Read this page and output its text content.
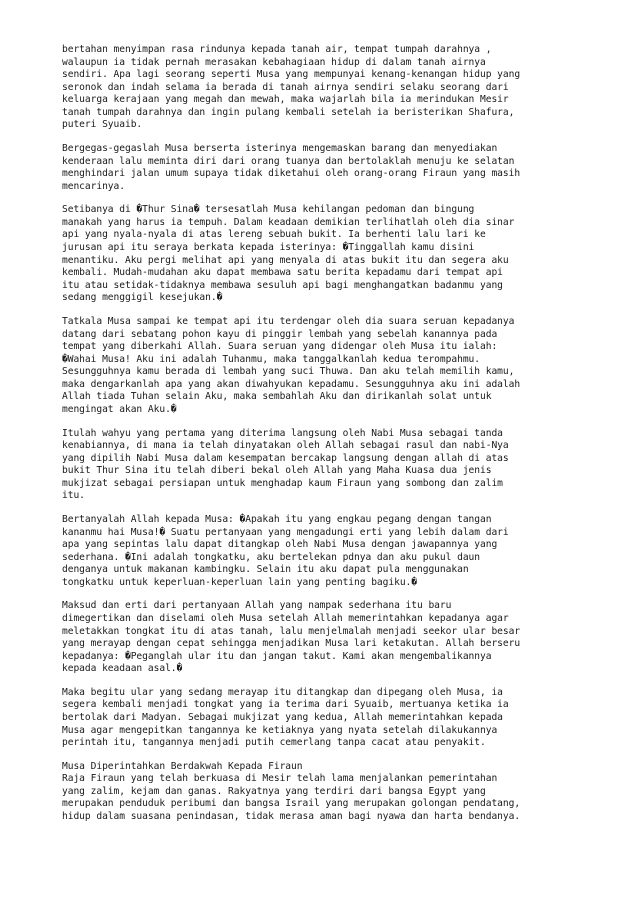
bertahan menyimpan rasa rindunya kepada tanah air, tempat tumpah darahnya ,
walaupun ia tidak pernah merasakan kebahagiaan hidup di dalam tanah airnya
sendiri. Apa lagi seorang seperti Musa yang mempunyai kenang-kenangan hidup yang
seronok dan indah selama ia berada di tanah airnya sendiri selaku seorang dari
keluarga kerajaan yang megah dan mewah, maka wajarlah bila ia merindukan Mesir
tanah tumpah darahnya dan ingin pulang kembali setelah ia beristerikan Shafura,
puteri Syuaib.
Bergegas-gegaslah Musa berserta isterinya mengemaskan barang dan menyediakan
kenderaan lalu meminta diri dari orang tuanya dan bertolaklah menuju ke selatan
menghindari jalan umum supaya tidak diketahui oleh orang-orang Firaun yang masih
mencarinya.
Setibanya di �Thur Sina� tersesatlah Musa kehilangan pedoman dan bingung
manakah yang harus ia tempuh. Dalam keadaan demikian terlihatlah oleh dia sinar
api yang nyala-nyala di atas lereng sebuah bukit. Ia berhenti lalu lari ke
jurusan api itu seraya berkata kepada isterinya: �Tinggallah kamu disini
menantiku. Aku pergi melihat api yang menyala di atas bukit itu dan segera aku
kembali. Mudah-mudahan aku dapat membawa satu berita kepadamu dari tempat api
itu atau setidak-tidaknya membawa sesuluh api bagi menghangatkan badanmu yang
sedang menggigil kesejukan.�
Tatkala Musa sampai ke tempat api itu terdengar oleh dia suara seruan kepadanya
datang dari sebatang pohon kayu di pinggir lembah yang sebelah kanannya pada
tempat yang diberkahi Allah. Suara seruan yang didengar oleh Musa itu ialah:
�Wahai Musa! Aku ini adalah Tuhanmu, maka tanggalkanlah kedua terompahmu.
Sesungguhnya kamu berada di lembah yang suci Thuwa. Dan aku telah memilih kamu,
maka dengarkanlah apa yang akan diwahyukan kepadamu. Sesungguhnya aku ini adalah
Allah tiada Tuhan selain Aku, maka sembahlah Aku dan dirikanlah solat untuk
mengingat akan Aku.�
Itulah wahyu yang pertama yang diterima langsung oleh Nabi Musa sebagai tanda
kenabiannya, di mana ia telah dinyatakan oleh Allah sebagai rasul dan nabi-Nya
yang dipilih Nabi Musa dalam kesempatan bercakap langsung dengan allah di atas
bukit Thur Sina itu telah diberi bekal oleh Allah yang Maha Kuasa dua jenis
mukjizat sebagai persiapan untuk menghadap kaum Firaun yang sombong dan zalim
itu.
Bertanyalah Allah kepada Musa: �Apakah itu yang engkau pegang dengan tangan
kananmu hai Musa!� Suatu pertanyaan yang mengadungi erti yang lebih dalam dari
apa yang sepintas lalu dapat ditangkap oleh Nabi Musa dengan jawapannya yang
sederhana. �Ini adalah tongkatku, aku bertelekan pdnya dan aku pukul daun
denganya untuk makanan kambingku. Selain itu aku dapat pula menggunakan
tongkatku untuk keperluan-keperluan lain yang penting bagiku.�
Maksud dan erti dari pertanyaan Allah yang nampak sederhana itu baru
dimegertikan dan diselami oleh Musa setelah Allah memerintahkan kepadanya agar
meletakkan tongkat itu di atas tanah, lalu menjelmalah menjadi seekor ular besar
yang merayap dengan cepat sehingga menjadikan Musa lari ketakutan. Allah berseru
kepadanya: �Peganglah ular itu dan jangan takut. Kami akan mengembalikannya
kepada keadaan asal.�
Maka begitu ular yang sedang merayap itu ditangkap dan dipegang oleh Musa, ia
segera kembali menjadi tongkat yang ia terima dari Syuaib, mertuanya ketika ia
bertolak dari Madyan. Sebagai mukjizat yang kedua, Allah memerintahkan kepada
Musa agar mengepitkan tangannya ke ketiaknya yang nyata setelah dilakukannya
perintah itu, tangannya menjadi putih cemerlang tanpa cacat atau penyakit.
Musa Diperintahkan Berdakwah Kepada Firaun
Raja Firaun yang telah berkuasa di Mesir telah lama menjalankan pemerintahan
yang zalim, kejam dan ganas. Rakyatnya yang terdiri dari bangsa Egypt yang
merupakan penduduk peribumi dan bangsa Israil yang merupakan golongan pendatang,
hidup dalam suasana penindasan, tidak merasa aman bagi nyawa dan harta bendanya.
